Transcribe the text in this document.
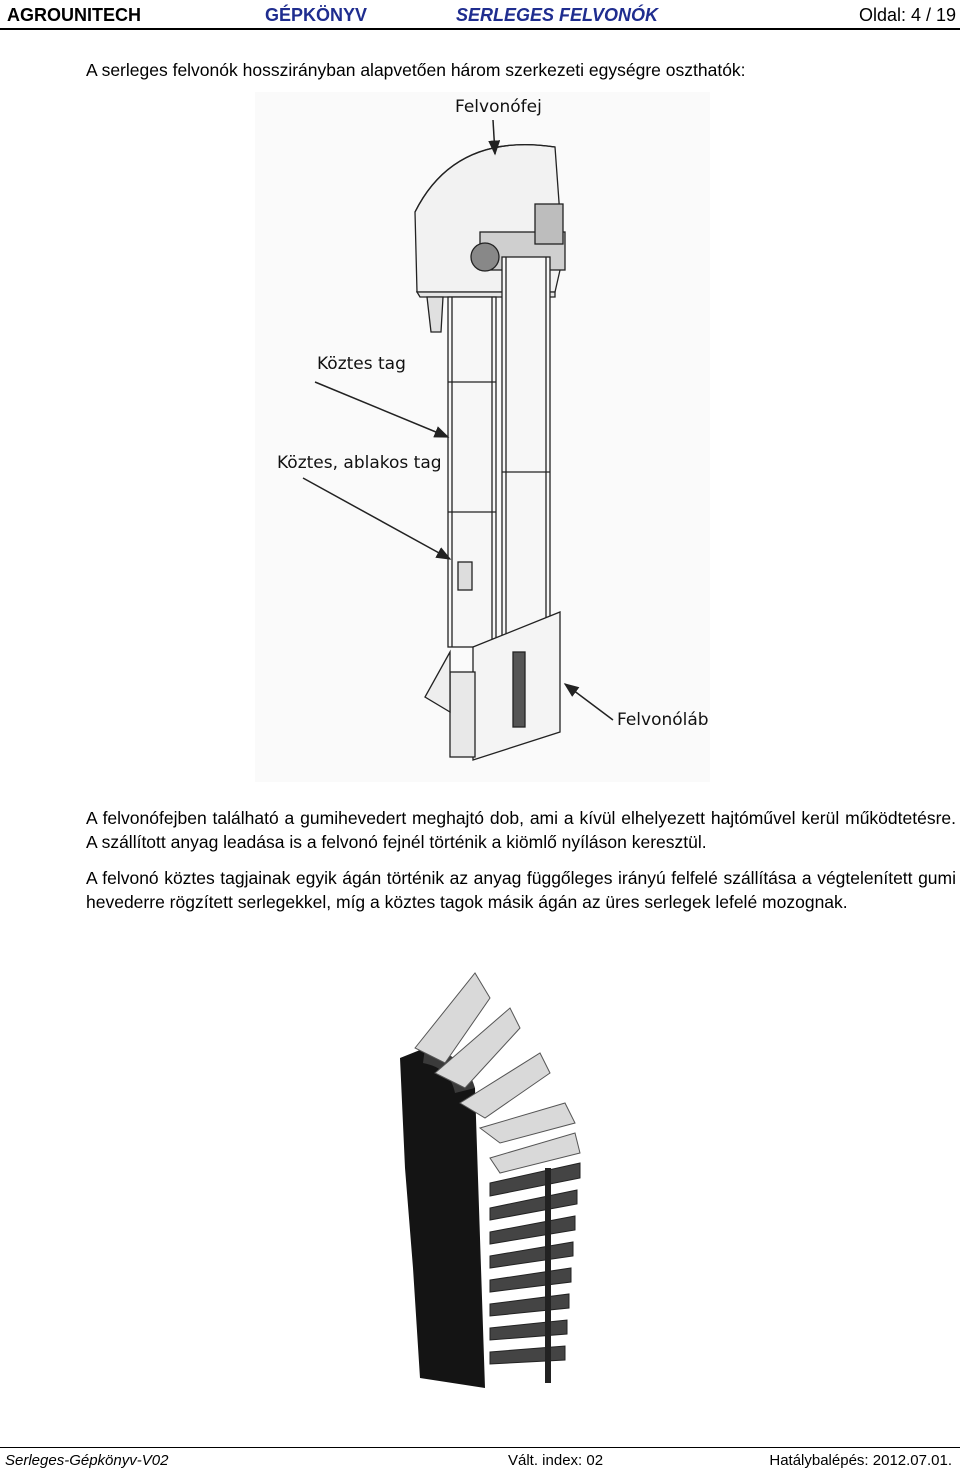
AGROUNITECH	GÉPKÖNYV	SERLEGES FELVONÓK	Oldal: 4 / 19
A serleges felvonók hosszirányban alapvetően három szerkezeti egységre oszthatók:
Felvonófej
Köztes tag
Köztes, ablakos tag
Felvonóláb

A felvonófejben található a gumihevedert meghajtó dob, ami a kívül elhelyezett hajtóművel kerül működtetésre. A szállított anyag leadása is a felvonó fejnél történik a kiömlő nyíláson keresztül.

A felvonó köztes tagjainak egyik ágán történik az anyag függőleges irányú felfelé szállítása a végtelenített gumi hevederre rögzített serlegekkel, míg a köztes tagok másik ágán az üres serlegek lefelé mozognak.

Serleges-Gépkönyv-V02	Vált. index: 02	Hatálybalépés: 2012.07.01.
